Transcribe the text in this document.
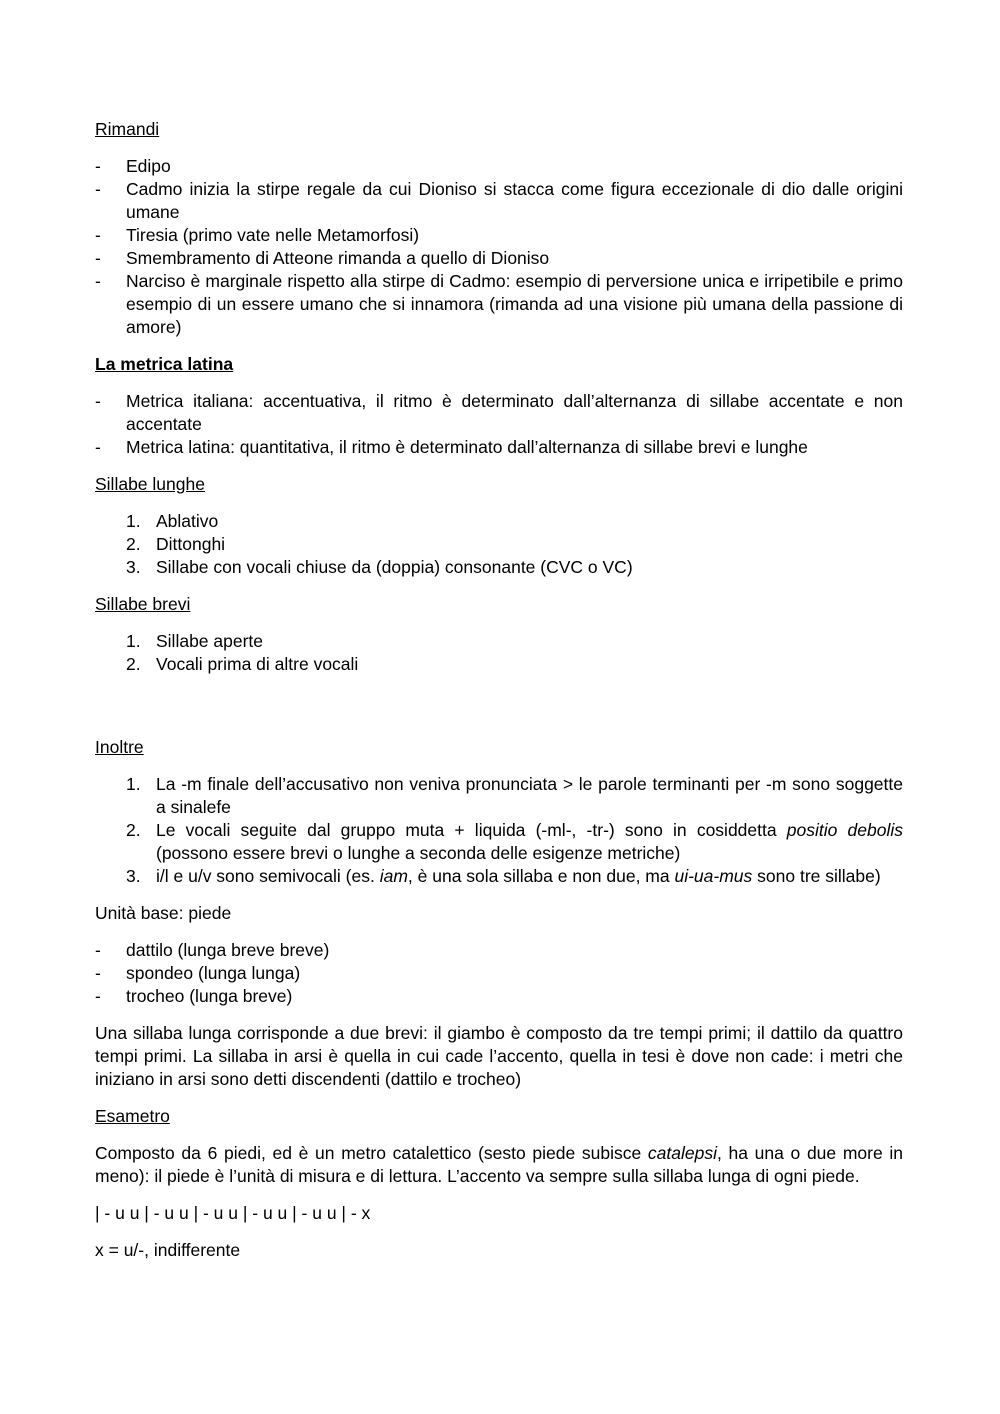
Rimandi
- Edipo
- Cadmo inizia la stirpe regale da cui Dioniso si stacca come figura eccezionale di dio dalle origini umane
- Tiresia (primo vate nelle Metamorfosi)
- Smembramento di Atteone rimanda a quello di Dioniso
- Narciso è marginale rispetto alla stirpe di Cadmo: esempio di perversione unica e irripetibile e primo esempio di un essere umano che si innamora (rimanda ad una visione più umana della passione di amore)
La metrica latina
- Metrica italiana: accentuativa, il ritmo è determinato dall’alternanza di sillabe accentate e non accentate
- Metrica latina: quantitativa, il ritmo è determinato dall’alternanza di sillabe brevi e lunghe
Sillabe lunghe
1. Ablativo
2. Dittonghi
3. Sillabe con vocali chiuse da (doppia) consonante (CVC o VC)
Sillabe brevi
1. Sillabe aperte
2. Vocali prima di altre vocali
Inoltre
1. La -m finale dell’accusativo non veniva pronunciata > le parole terminanti per -m sono soggette a sinalefe
2. Le vocali seguite dal gruppo muta + liquida (-ml-, -tr-) sono in cosiddetta positio debolis (possono essere brevi o lunghe a seconda delle esigenze metriche)
3. i/l e u/v sono semivocali (es. iam, è una sola sillaba e non due, ma ui-ua-mus sono tre sillabe)
Unità base: piede
- dattilo (lunga breve breve)
- spondeo (lunga lunga)
- trocheo (lunga breve)
Una sillaba lunga corrisponde a due brevi: il giambo è composto da tre tempi primi; il dattilo da quattro tempi primi. La sillaba in arsi è quella in cui cade l’accento, quella in tesi è dove non cade: i metri che iniziano in arsi sono detti discendenti (dattilo e trocheo)
Esametro
Composto da 6 piedi, ed è un metro catalettico (sesto piede subisce catalepsi, ha una o due more in meno): il piede è l’unità di misura e di lettura. L’accento va sempre sulla sillaba lunga di ogni piede.
| - u u | - u u | - u u | - u u | - u u | - x
x = u/-, indifferente
